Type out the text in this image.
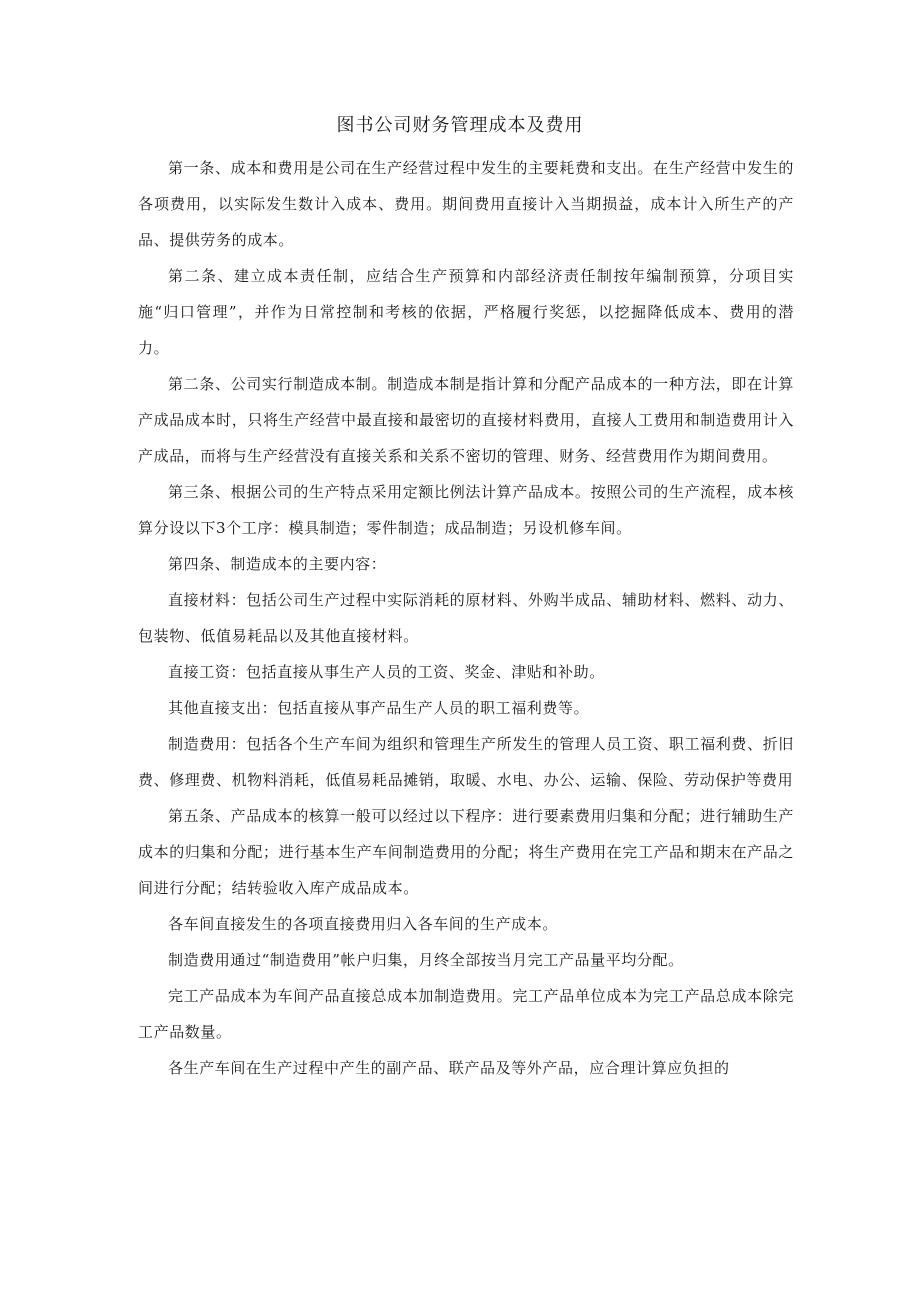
图书公司财务管理成本及费用

第一条、成本和费用是公司在生产经营过程中发生的主要耗费和支出。在生产经营中发生的各项费用，以实际发生数计入成本、费用。期间费用直接计入当期损益，成本计入所生产的产品、提供劳务的成本。

第二条、建立成本责任制，应结合生产预算和内部经济责任制按年编制预算，分项目实施“归口管理”，并作为日常控制和考核的依据，严格履行奖惩，以挖掘降低成本、费用的潜力。

第二条、公司实行制造成本制。制造成本制是指计算和分配产品成本的一种方法，即在计算产成品成本时，只将生产经营中最直接和最密切的直接材料费用，直接人工费用和制造费用计入产成品，而将与生产经营没有直接关系和关系不密切的管理、财务、经营费用作为期间费用。

第三条、根据公司的生产特点采用定额比例法计算产品成本。按照公司的生产流程，成本核算分设以下3个工序：模具制造；零件制造；成品制造；另设机修车间。

第四条、制造成本的主要内容：

直接材料：包括公司生产过程中实际消耗的原材料、外购半成品、辅助材料、燃料、动力、包装物、低值易耗品以及其他直接材料。

直接工资：包括直接从事生产人员的工资、奖金、津贴和补助。

其他直接支出：包括直接从事产品生产人员的职工福利费等。

制造费用：包括各个生产车间为组织和管理生产所发生的管理人员工资、职工福利费、折旧费、修理费、机物料消耗，低值易耗品摊销，取暖、水电、办公、运输、保险、劳动保护等费用

第五条、产品成本的核算一般可以经过以下程序：进行要素费用归集和分配；进行辅助生产成本的归集和分配；进行基本生产车间制造费用的分配；将生产费用在完工产品和期末在产品之间进行分配；结转验收入库产成品成本。

各车间直接发生的各项直接费用归入各车间的生产成本。

制造费用通过“制造费用”帐户归集，月终全部按当月完工产品量平均分配。

完工产品成本为车间产品直接总成本加制造费用。完工产品单位成本为完工产品总成本除完工产品数量。

各生产车间在生产过程中产生的副产品、联产品及等外产品，应合理计算应负担的
